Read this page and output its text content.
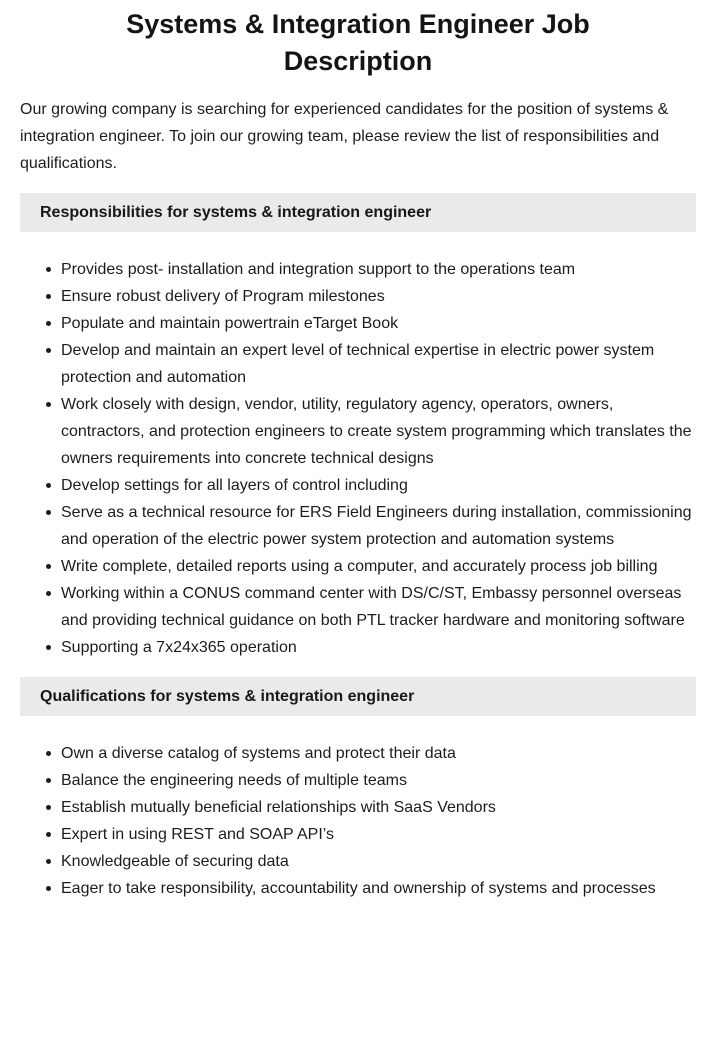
Systems & Integration Engineer Job Description

Our growing company is searching for experienced candidates for the position of systems & integration engineer. To join our growing team, please review the list of responsibilities and qualifications.

Responsibilities for systems & integration engineer
Provides post- installation and integration support to the operations team
Ensure robust delivery of Program milestones
Populate and maintain powertrain eTarget Book
Develop and maintain an expert level of technical expertise in electric power system protection and automation
Work closely with design, vendor, utility, regulatory agency, operators, owners, contractors, and protection engineers to create system programming which translates the owners requirements into concrete technical designs
Develop settings for all layers of control including
Serve as a technical resource for ERS Field Engineers during installation, commissioning and operation of the electric power system protection and automation systems
Write complete, detailed reports using a computer, and accurately process job billing
Working within a CONUS command center with DS/C/ST, Embassy personnel overseas and providing technical guidance on both PTL tracker hardware and monitoring software
Supporting a 7x24x365 operation
Qualifications for systems & integration engineer
Own a diverse catalog of systems and protect their data
Balance the engineering needs of multiple teams
Establish mutually beneficial relationships with SaaS Vendors
Expert in using REST and SOAP API’s
Knowledgeable of securing data
Eager to take responsibility, accountability and ownership of systems and processes
